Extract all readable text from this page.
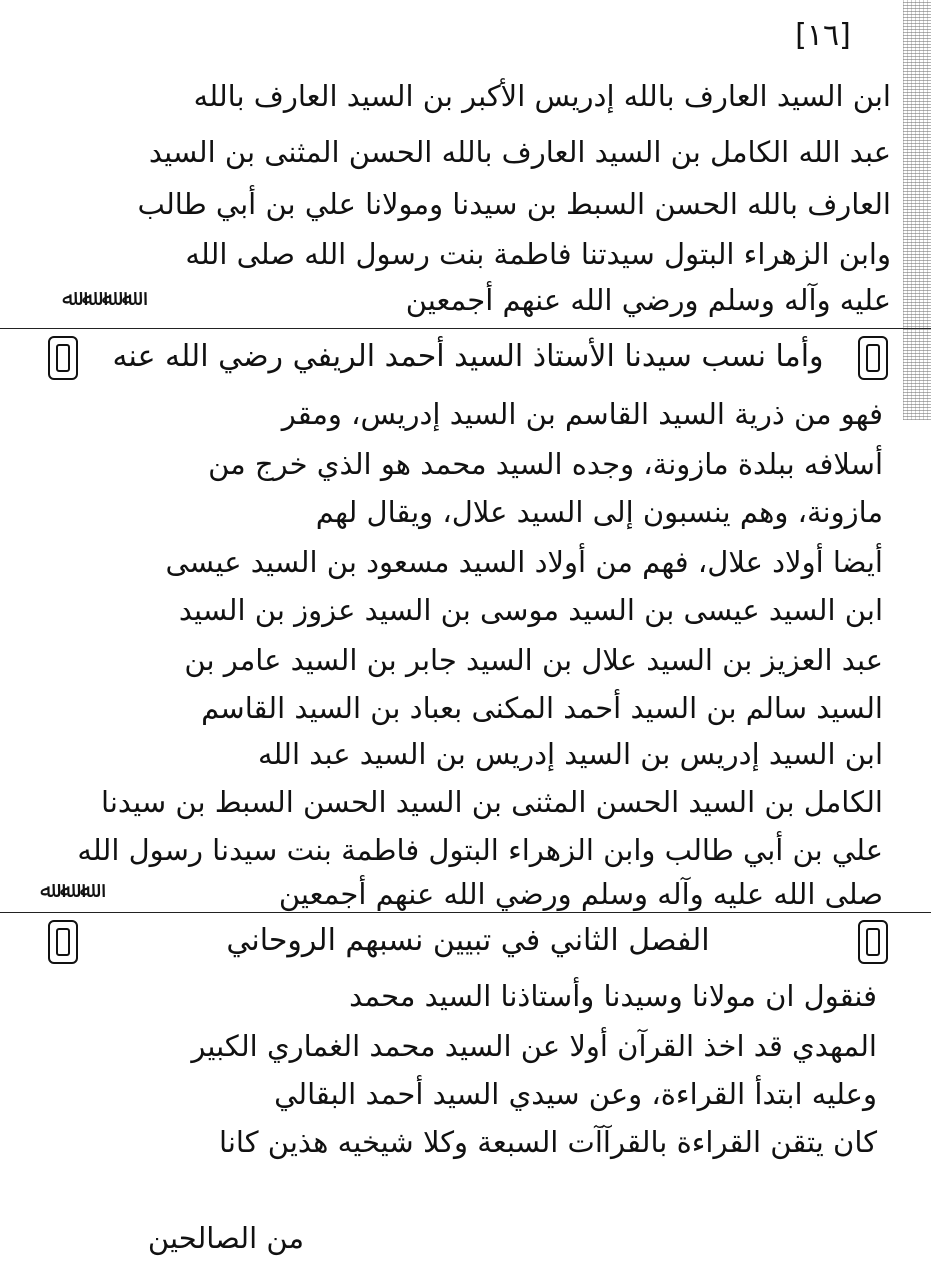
[١٦]
ابن السيد العارف بالله إدريس الأكبر بن السيد العارف بالله
عبد الله الكامل بن السيد العارف بالله الحسن المثنى بن السيد
العارف بالله الحسن السبط بن سيدنا ومولانا علي بن أبي طالب
وابن الزهراء البتول سيدتنا فاطمة بنت رسول الله صلى الله
عليه وآله وسلم ورضي الله عنهم أجمعين
ﷲ ﷲ ﷲ ﷲ
وأما نسب سيدنا الأستاذ السيد أحمد الريفي رضي الله عنه
فهو من ذرية السيد القاسم بن السيد إدريس، ومقر
أسلافه ببلدة مازونة، وجده السيد محمد هو الذي خرج من
مازونة، وهم ينسبون إلى السيد علال، ويقال لهم
أيضا أولاد علال، فهم من أولاد السيد مسعود بن السيد عيسى
ابن السيد عيسى بن السيد موسى بن السيد عزوز بن السيد
عبد العزيز بن السيد علال بن السيد جابر بن السيد عامر بن
السيد سالم بن السيد أحمد المكنى بعباد بن السيد القاسم
ابن السيد إدريس بن السيد إدريس بن السيد عبد الله
الكامل بن السيد الحسن المثنى بن السيد الحسن السبط بن سيدنا
علي بن أبي طالب وابن الزهراء البتول فاطمة بنت سيدنا رسول الله
صلى الله عليه وآله وسلم ورضي الله عنهم أجمعين
ﷲ ﷲ ﷲ
الفصل الثاني في تبيين نسبهم الروحاني
فنقول ان مولانا وسيدنا وأستاذنا السيد محمد
المهدي قد اخذ القرآن أولا عن السيد محمد الغماري الكبير
وعليه ابتدأ القراءة، وعن سيدي السيد أحمد البقالي
كان يتقن القراءة بالقرآآت السبعة وكلا شيخيه هذين كانا
من الصالحين
